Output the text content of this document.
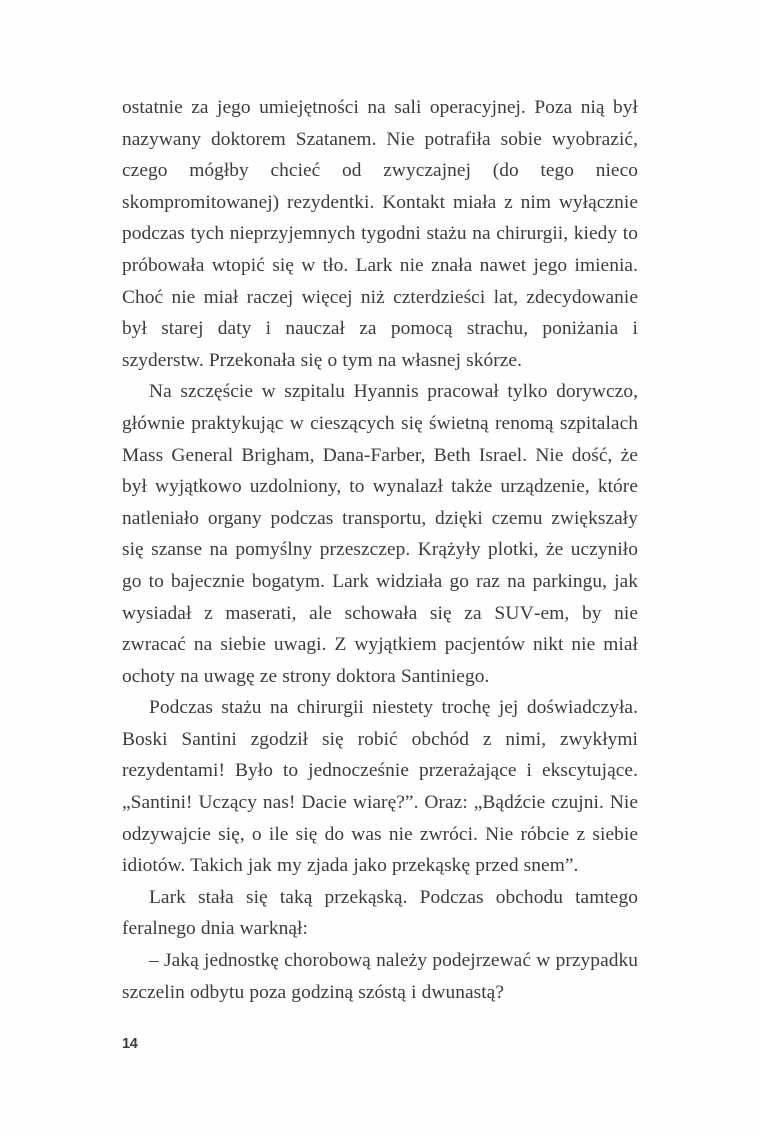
ostatnie za jego umiejętności na sali operacyjnej. Poza nią był nazywany doktorem Szatanem. Nie potrafiła sobie wyobrazić, czego mógłby chcieć od zwyczajnej (do tego nieco skompromitowanej) rezydentki. Kontakt miała z nim wyłącznie podczas tych nieprzyjemnych tygodni stażu na chirurgii, kiedy to próbowała wtopić się w tło. Lark nie znała nawet jego imienia. Choć nie miał raczej więcej niż czterdzieści lat, zdecydowanie był starej daty i nauczał za pomocą strachu, poniżania i szyderstw. Przekonała się o tym na własnej skórze.

Na szczęście w szpitalu Hyannis pracował tylko dorywczo, głównie praktykując w cieszących się świetną renomą szpitalach Mass General Brigham, Dana-Farber, Beth Israel. Nie dość, że był wyjątkowo uzdolniony, to wynalazł także urządzenie, które natleniało organy podczas transportu, dzięki czemu zwiększały się szanse na pomyślny przeszczep. Krążyły plotki, że uczyniło go to bajecznie bogatym. Lark widziała go raz na parkingu, jak wysiadał z maserati, ale schowała się za SUV-em, by nie zwracać na siebie uwagi. Z wyjątkiem pacjentów nikt nie miał ochoty na uwagę ze strony doktora Santiniego.

Podczas stażu na chirurgii niestety trochę jej doświadczyła. Boski Santini zgodził się robić obchód z nimi, zwykłymi rezydentami! Było to jednocześnie przerażające i ekscytujące. „Santini! Uczący nas! Dacie wiarę?”. Oraz: „Bądźcie czujni. Nie odzywajcie się, o ile się do was nie zwróci. Nie róbcie z siebie idiotów. Takich jak my zjada jako przekąskę przed snem”.

Lark stała się taką przekąską. Podczas obchodu tamtego feralnego dnia warknął:

– Jaką jednostkę chorobową należy podejrzewać w przypadku szczelin odbytu poza godziną szóstą i dwunastą?

14
